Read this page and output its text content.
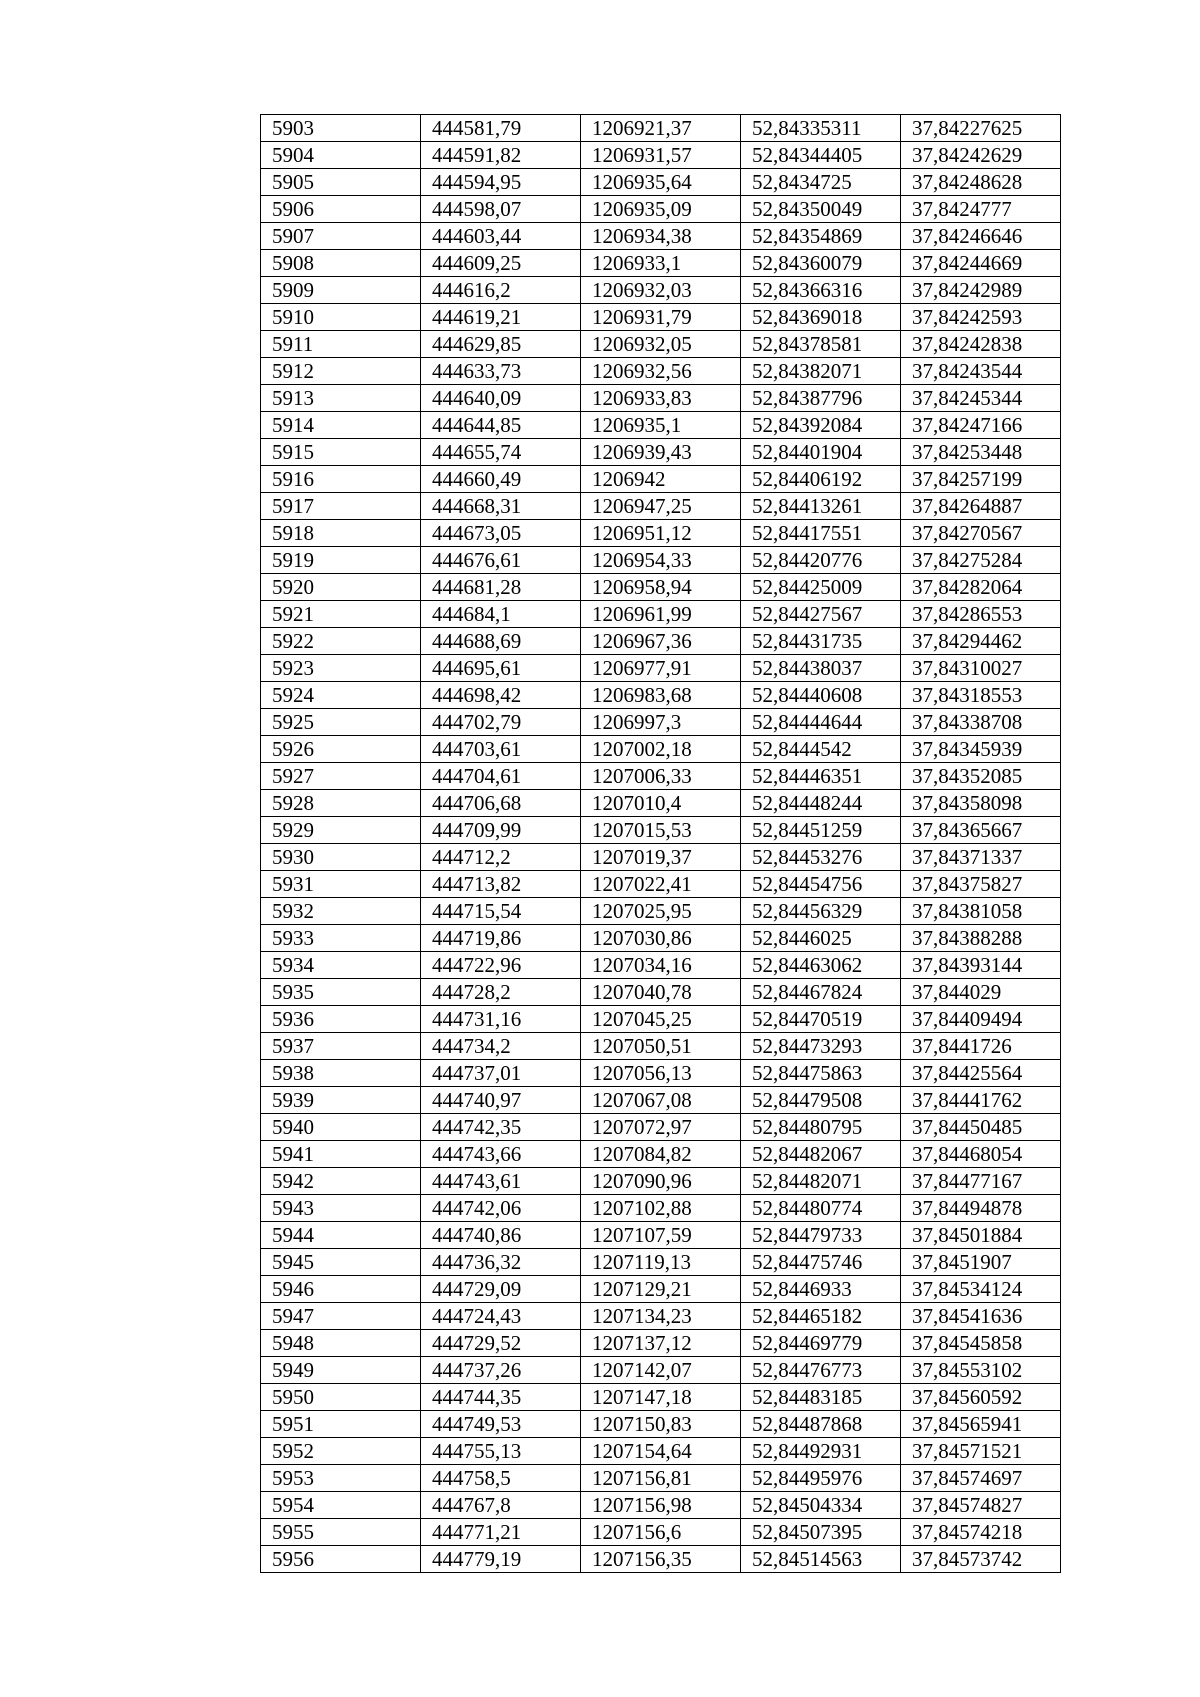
5903	444581,79	1206921,37	52,84335311	37,84227625
5904	444591,82	1206931,57	52,84344405	37,84242629
5905	444594,95	1206935,64	52,8434725	37,84248628
5906	444598,07	1206935,09	52,84350049	37,8424777
5907	444603,44	1206934,38	52,84354869	37,84246646
5908	444609,25	1206933,1	52,84360079	37,84244669
5909	444616,2	1206932,03	52,84366316	37,84242989
5910	444619,21	1206931,79	52,84369018	37,84242593
5911	444629,85	1206932,05	52,84378581	37,84242838
5912	444633,73	1206932,56	52,84382071	37,84243544
5913	444640,09	1206933,83	52,84387796	37,84245344
5914	444644,85	1206935,1	52,84392084	37,84247166
5915	444655,74	1206939,43	52,84401904	37,84253448
5916	444660,49	1206942	52,84406192	37,84257199
5917	444668,31	1206947,25	52,84413261	37,84264887
5918	444673,05	1206951,12	52,84417551	37,84270567
5919	444676,61	1206954,33	52,84420776	37,84275284
5920	444681,28	1206958,94	52,84425009	37,84282064
5921	444684,1	1206961,99	52,84427567	37,84286553
5922	444688,69	1206967,36	52,84431735	37,84294462
5923	444695,61	1206977,91	52,84438037	37,84310027
5924	444698,42	1206983,68	52,84440608	37,84318553
5925	444702,79	1206997,3	52,84444644	37,84338708
5926	444703,61	1207002,18	52,8444542	37,84345939
5927	444704,61	1207006,33	52,84446351	37,84352085
5928	444706,68	1207010,4	52,84448244	37,84358098
5929	444709,99	1207015,53	52,84451259	37,84365667
5930	444712,2	1207019,37	52,84453276	37,84371337
5931	444713,82	1207022,41	52,84454756	37,84375827
5932	444715,54	1207025,95	52,84456329	37,84381058
5933	444719,86	1207030,86	52,8446025	37,84388288
5934	444722,96	1207034,16	52,84463062	37,84393144
5935	444728,2	1207040,78	52,84467824	37,844029
5936	444731,16	1207045,25	52,84470519	37,84409494
5937	444734,2	1207050,51	52,84473293	37,8441726
5938	444737,01	1207056,13	52,84475863	37,84425564
5939	444740,97	1207067,08	52,84479508	37,84441762
5940	444742,35	1207072,97	52,84480795	37,84450485
5941	444743,66	1207084,82	52,84482067	37,84468054
5942	444743,61	1207090,96	52,84482071	37,84477167
5943	444742,06	1207102,88	52,84480774	37,84494878
5944	444740,86	1207107,59	52,84479733	37,84501884
5945	444736,32	1207119,13	52,84475746	37,8451907
5946	444729,09	1207129,21	52,8446933	37,84534124
5947	444724,43	1207134,23	52,84465182	37,84541636
5948	444729,52	1207137,12	52,84469779	37,84545858
5949	444737,26	1207142,07	52,84476773	37,84553102
5950	444744,35	1207147,18	52,84483185	37,84560592
5951	444749,53	1207150,83	52,84487868	37,84565941
5952	444755,13	1207154,64	52,84492931	37,84571521
5953	444758,5	1207156,81	52,84495976	37,84574697
5954	444767,8	1207156,98	52,84504334	37,84574827
5955	444771,21	1207156,6	52,84507395	37,84574218
5956	444779,19	1207156,35	52,84514563	37,84573742
